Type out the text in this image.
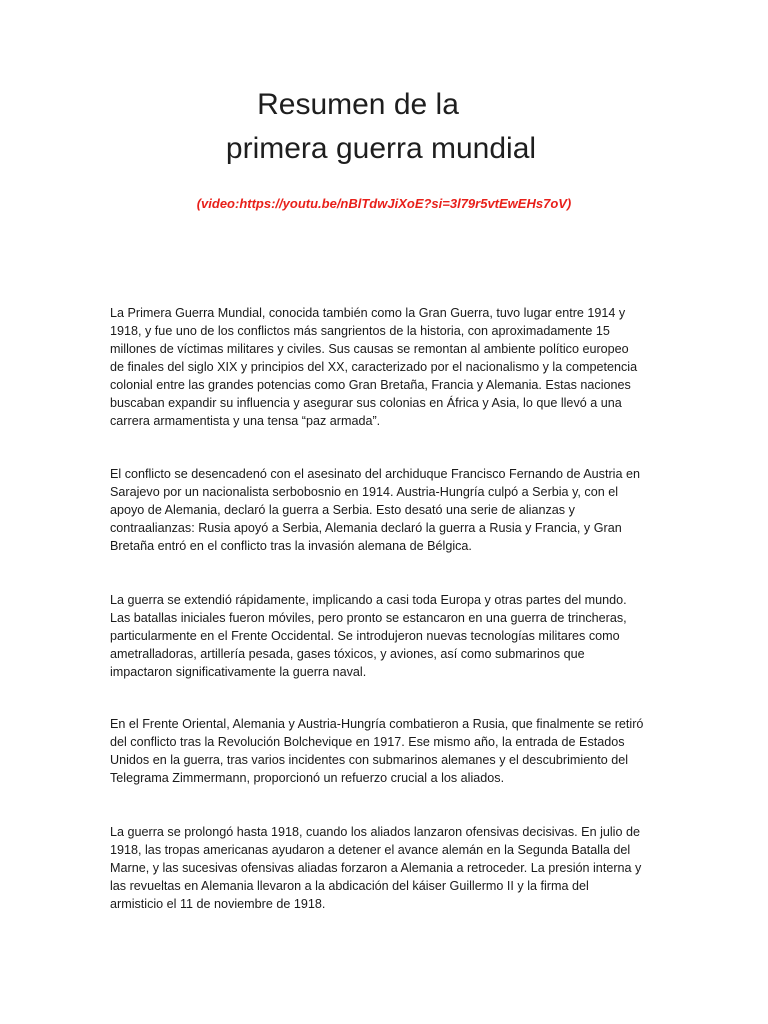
Resumen de la
primera guerra mundial
(video:https://youtu.be/nBlTdwJiXoE?si=3l79r5vtEwEHs7oV)

La Primera Guerra Mundial, conocida también como la Gran Guerra, tuvo lugar entre 1914 y 1918, y fue uno de los conflictos más sangrientos de la historia, con aproximadamente 15 millones de víctimas militares y civiles. Sus causas se remontan al ambiente político europeo de finales del siglo XIX y principios del XX, caracterizado por el nacionalismo y la competencia colonial entre las grandes potencias como Gran Bretaña, Francia y Alemania. Estas naciones buscaban expandir su influencia y asegurar sus colonias en África y Asia, lo que llevó a una carrera armamentista y una tensa “paz armada”.

El conflicto se desencadenó con el asesinato del archiduque Francisco Fernando de Austria en Sarajevo por un nacionalista serbobosnio en 1914. Austria-Hungría culpó a Serbia y, con el apoyo de Alemania, declaró la guerra a Serbia. Esto desató una serie de alianzas y contraalianzas: Rusia apoyó a Serbia, Alemania declaró la guerra a Rusia y Francia, y Gran Bretaña entró en el conflicto tras la invasión alemana de Bélgica.

La guerra se extendió rápidamente, implicando a casi toda Europa y otras partes del mundo. Las batallas iniciales fueron móviles, pero pronto se estancaron en una guerra de trincheras, particularmente en el Frente Occidental. Se introdujeron nuevas tecnologías militares como ametralladoras, artillería pesada, gases tóxicos, y aviones, así como submarinos que impactaron significativamente la guerra naval.

En el Frente Oriental, Alemania y Austria-Hungría combatieron a Rusia, que finalmente se retiró del conflicto tras la Revolución Bolchevique en 1917. Ese mismo año, la entrada de Estados Unidos en la guerra, tras varios incidentes con submarinos alemanes y el descubrimiento del Telegrama Zimmermann, proporcionó un refuerzo crucial a los aliados.

La guerra se prolongó hasta 1918, cuando los aliados lanzaron ofensivas decisivas. En julio de 1918, las tropas americanas ayudaron a detener el avance alemán en la Segunda Batalla del Marne, y las sucesivas ofensivas aliadas forzaron a Alemania a retroceder. La presión interna y las revueltas en Alemania llevaron a la abdicación del káiser Guillermo II y la firma del armisticio el 11 de noviembre de 1918.
